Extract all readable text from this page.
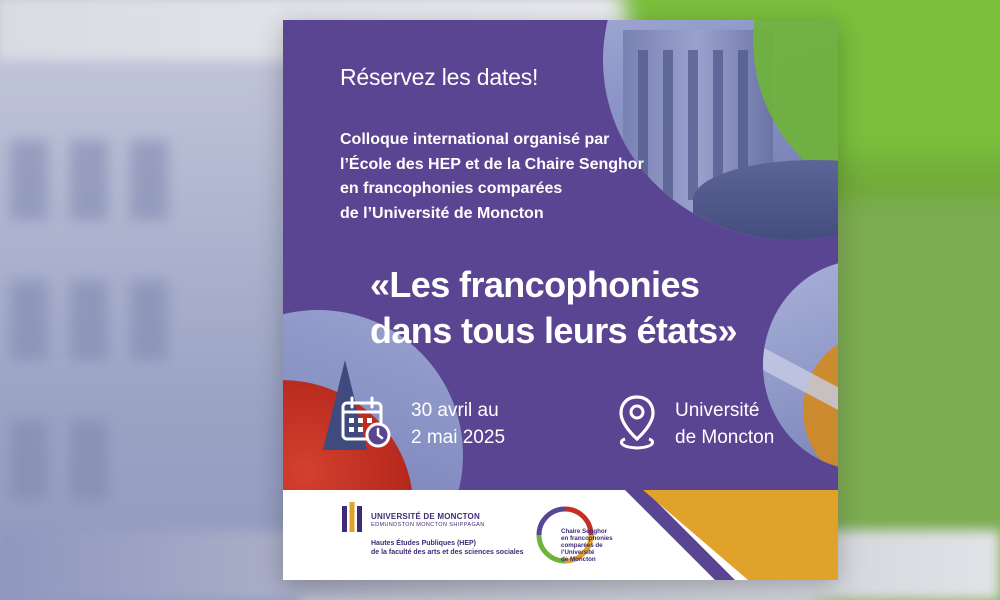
Réservez les dates!
Colloque international organisé par
l’École des HEP et de la Chaire Senghor
en francophonies comparées
de l’Université de Moncton
«Les francophonies
dans tous leurs états»
30 avril au
2 mai 2025
Université
de Moncton
UNIVERSITÉ DE MONCTON
EDMUNDSTON MONCTON SHIPPAGAN
Hautes Études Publiques (HEP)
de la faculté des arts et des sciences sociales
Chaire Senghor
en francophonies
comparées de
l’Université
de Moncton
